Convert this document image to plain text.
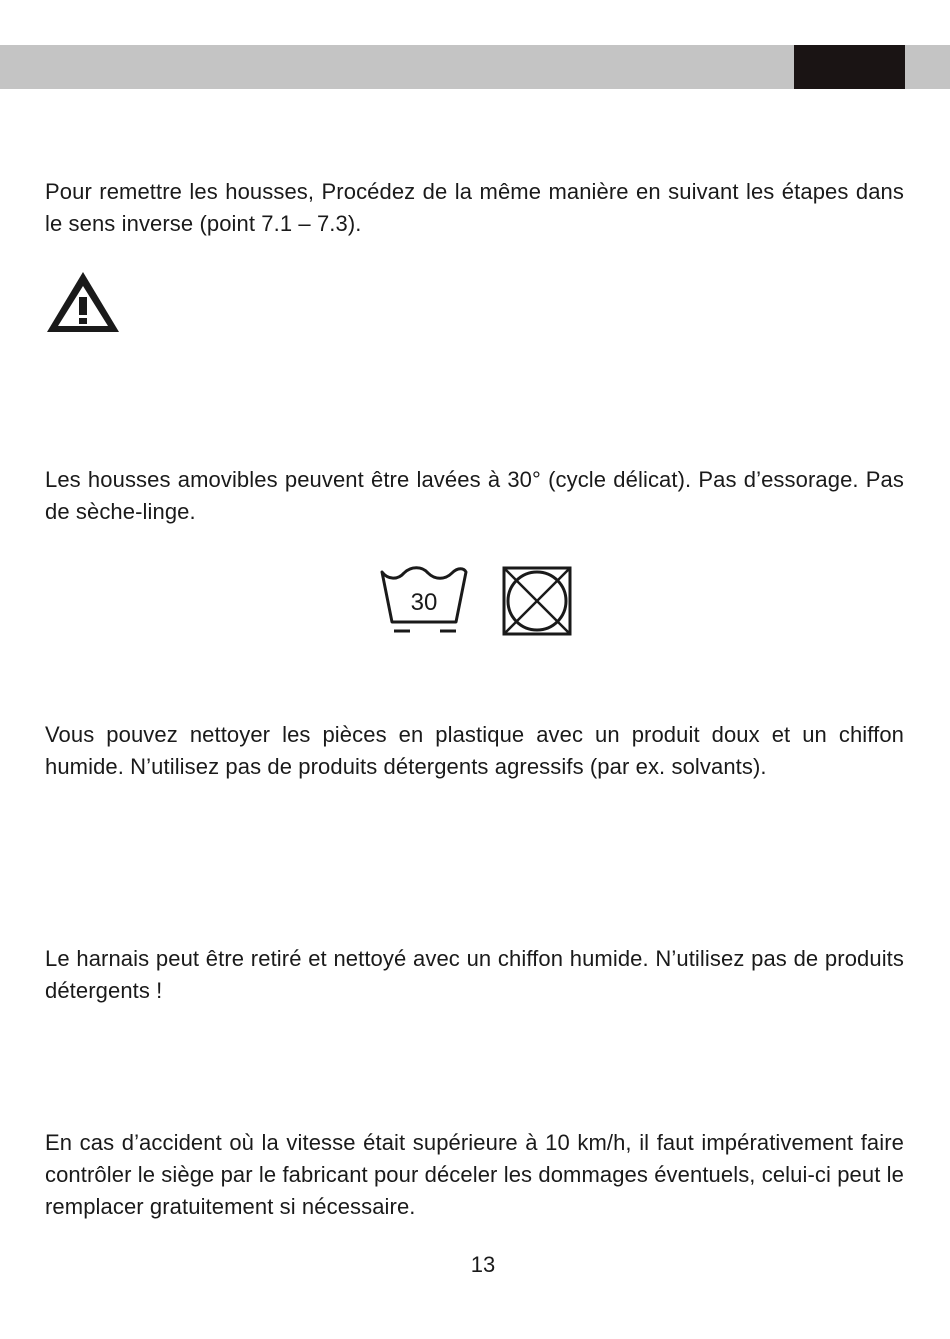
Pour remettre les housses, Procédez de la même manière en suivant les étapes dans le sens inverse (point 7.1 – 7.3).

Les housses amovibles peuvent être lavées à 30° (cycle délicat). Pas d’essorage. Pas de sèche-linge.

30

Vous pouvez nettoyer les pièces en plastique avec un produit doux et un chiffon humide. N’utilisez pas de produits détergents agressifs (par ex. solvants).

Le harnais peut être retiré et nettoyé avec un chiffon humide. N’utilisez pas de produits détergents !

En cas d’accident où la vitesse était supérieure à 10 km/h, il faut impérativement faire contrôler le siège par le fabricant pour déceler les dommages éventuels, celui-ci peut le remplacer gratuitement si nécessaire.

13
